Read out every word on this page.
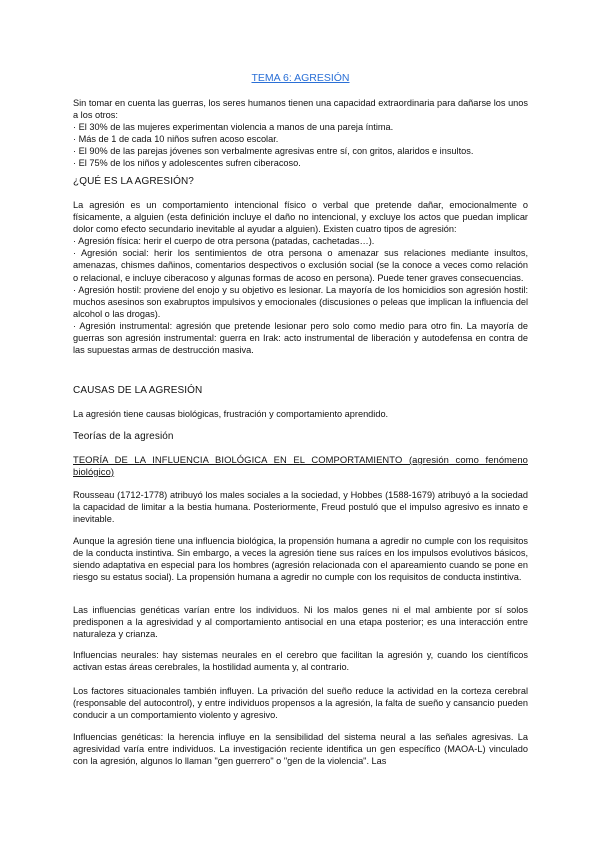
TEMA 6: AGRESIÓN

Sin tomar en cuenta las guerras, los seres humanos tienen una capacidad extraordinaria para dañarse los unos a los otros:
· El 30% de las mujeres experimentan violencia a manos de una pareja íntima.
· Más de 1 de cada 10 niños sufren acoso escolar.
· El 90% de las parejas jóvenes son verbalmente agresivas entre sí, con gritos, alaridos e insultos.
· El 75% de los niños y adolescentes sufren ciberacoso.

¿QUÉ ES LA AGRESIÓN?

La agresión es un comportamiento intencional físico o verbal que pretende dañar, emocionalmente o físicamente, a alguien (esta definición incluye el daño no intencional, y excluye los actos que puedan implicar dolor como efecto secundario inevitable al ayudar a alguien). Existen cuatro tipos de agresión:
· Agresión física: herir el cuerpo de otra persona (patadas, cachetadas…).
· Agresión social: herir los sentimientos de otra persona o amenazar sus relaciones mediante insultos, amenazas, chismes dañinos, comentarios despectivos o exclusión social (se la conoce a veces como relación o relacional, e incluye ciberacoso y algunas formas de acoso en persona). Puede tener graves consecuencias.
· Agresión hostil: proviene del enojo y su objetivo es lesionar. La mayoría de los homicidios son agresión hostil: muchos asesinos son exabruptos impulsivos y emocionales (discusiones o peleas que implican la influencia del alcohol o las drogas).
· Agresión instrumental: agresión que pretende lesionar pero solo como medio para otro fin. La mayoría de guerras son agresión instrumental: guerra en Irak: acto instrumental de liberación y autodefensa en contra de las supuestas armas de destrucción masiva.

CAUSAS DE LA AGRESIÓN

La agresión tiene causas biológicas, frustración y comportamiento aprendido.

Teorías de la agresión

TEORÍA DE LA INFLUENCIA BIOLÓGICA EN EL COMPORTAMIENTO (agresión como fenómeno biológico)

Rousseau (1712-1778) atribuyó los males sociales a la sociedad, y Hobbes (1588-1679) atribuyó a la sociedad la capacidad de limitar a la bestia humana. Posteriormente, Freud postuló que el impulso agresivo es innato e inevitable.

Aunque la agresión tiene una influencia biológica, la propensión humana a agredir no cumple con los requisitos de la conducta instintiva. Sin embargo, a veces la agresión tiene sus raíces en los impulsos evolutivos básicos, siendo adaptativa en especial para los hombres (agresión relacionada con el apareamiento cuando se pone en riesgo su estatus social). La propensión humana a agredir no cumple con los requisitos de conducta instintiva.

Las influencias genéticas varían entre los individuos. Ni los malos genes ni el mal ambiente por sí solos predisponen a la agresividad y al comportamiento antisocial en una etapa posterior; es una interacción entre naturaleza y crianza.

Influencias neurales: hay sistemas neurales en el cerebro que facilitan la agresión y, cuando los científicos activan estas áreas cerebrales, la hostilidad aumenta y, al contrario.

Los factores situacionales también influyen. La privación del sueño reduce la actividad en la corteza cerebral (responsable del autocontrol), y entre individuos propensos a la agresión, la falta de sueño y cansancio pueden conducir a un comportamiento violento y agresivo.

Influencias genéticas: la herencia influye en la sensibilidad del sistema neural a las señales agresivas. La agresividad varía entre individuos. La investigación reciente identifica un gen específico (MAOA-L) vinculado con la agresión, algunos lo llaman "gen guerrero" o "gen de la violencia". Las
